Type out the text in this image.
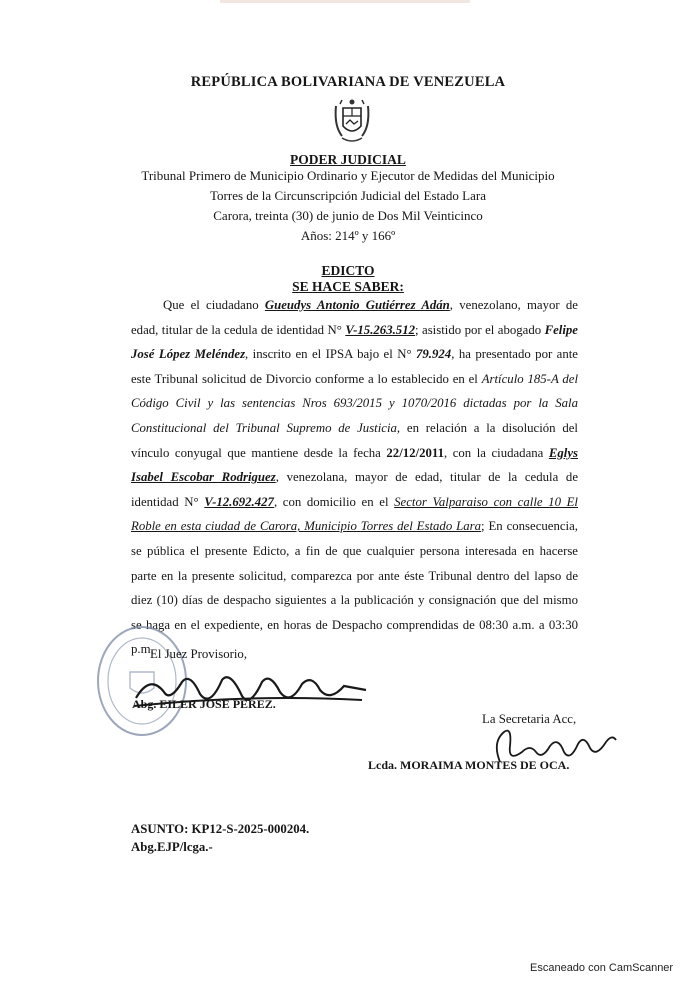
REPÚBLICA BOLIVARIANA DE VENEZUELA
PODER JUDICIAL
Tribunal Primero de Municipio Ordinario y Ejecutor de Medidas del Municipio
Torres de la Circunscripción Judicial del Estado Lara
Carora, treinta (30) de junio de Dos Mil Veinticinco
Años: 214º y 166º
EDICTO
SE HACE SABER:

Que el ciudadano Gueudys Antonio Gutiérrez Adán, venezolano, mayor de edad, titular de la cedula de identidad N° V-15.263.512; asistido por el abogado Felipe José López Meléndez, inscrito en el IPSA bajo el N° 79.924, ha presentado por ante este Tribunal solicitud de Divorcio conforme a lo establecido en el Artículo 185-A del Código Civil y las sentencias Nros 693/2015 y 1070/2016 dictadas por la Sala Constitucional del Tribunal Supremo de Justicia, en relación a la disolución del vínculo conyugal que mantiene desde la fecha 22/12/2011, con la ciudadana Eglys Isabel Escobar Rodriguez, venezolana, mayor de edad, titular de la cedula de identidad N° V-12.692.427, con domicilio en el Sector Valparaiso con calle 10 El Roble en esta ciudad de Carora, Municipio Torres del Estado Lara; En consecuencia, se pública el presente Edicto, a fin de que cualquier persona interesada en hacerse parte en la presente solicitud, comparezca por ante éste Tribunal dentro del lapso de diez (10) días de despacho siguientes a la publicación y consignación que del mismo se haga en el expediente, en horas de Despacho comprendidas de 08:30 a.m. a 03:30 p.m.

El Juez Provisorio,
Abg. EILER JOSE PEREZ.
La Secretaria Acc,
Lcda. MORAIMA MONTES DE OCA.
ASUNTO: KP12-S-2025-000204.
Abg.EJP/lcga.-
Escaneado con CamScanner
